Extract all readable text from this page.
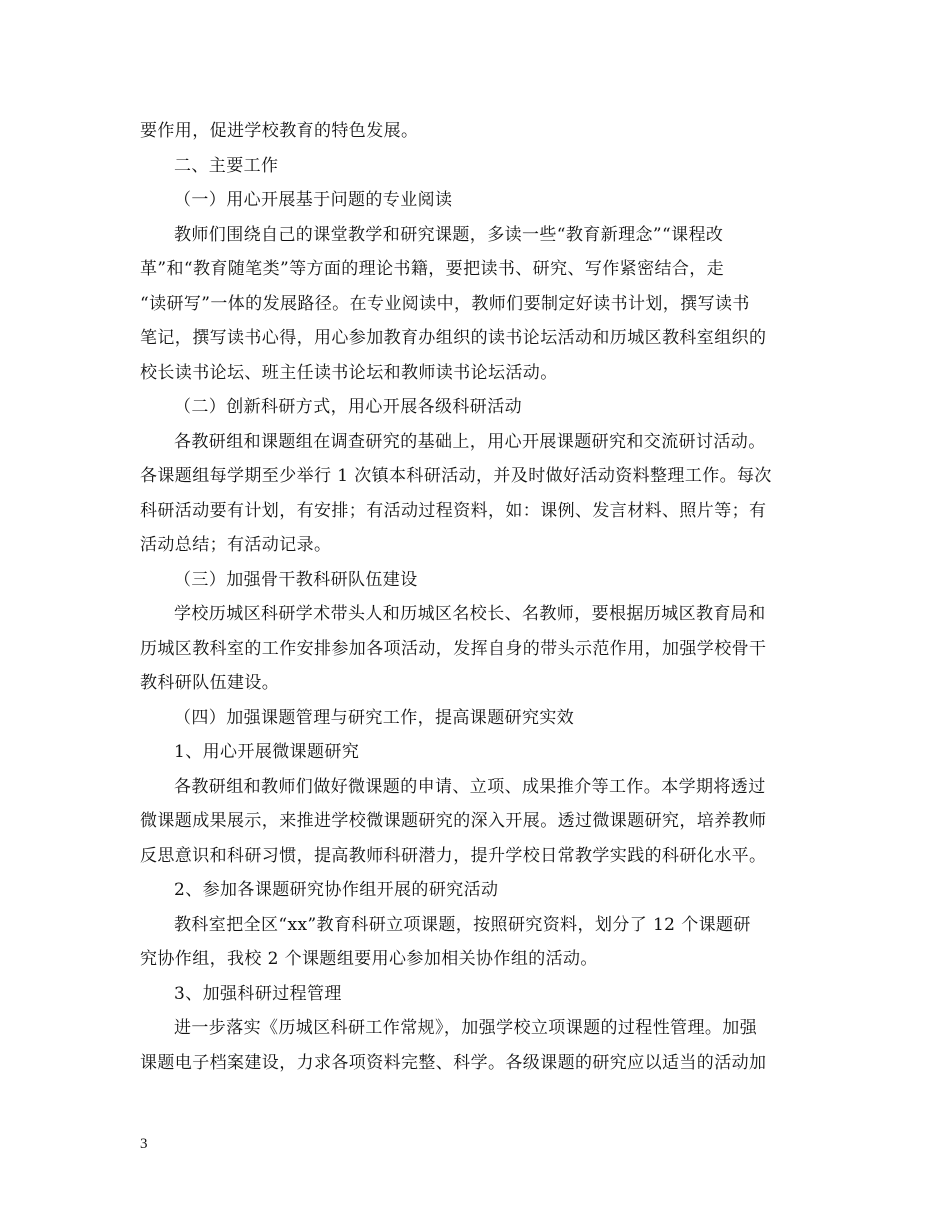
要作用，促进学校教育的特色发展。
二、主要工作
（一）用心开展基于问题的专业阅读
教师们围绕自己的课堂教学和研究课题，多读一些“教育新理念”“课程改
革”和“教育随笔类”等方面的理论书籍，要把读书、研究、写作紧密结合，走
“读研写”一体的发展路径。在专业阅读中，教师们要制定好读书计划，撰写读书
笔记，撰写读书心得，用心参加教育办组织的读书论坛活动和历城区教科室组织的
校长读书论坛、班主任读书论坛和教师读书论坛活动。
（二）创新科研方式，用心开展各级科研活动
各教研组和课题组在调查研究的基础上，用心开展课题研究和交流研讨活动。
各课题组每学期至少举行 1 次镇本科研活动，并及时做好活动资料整理工作。每次
科研活动要有计划，有安排；有活动过程资料，如：课例、发言材料、照片等；有
活动总结；有活动记录。
（三）加强骨干教科研队伍建设
学校历城区科研学术带头人和历城区名校长、名教师，要根据历城区教育局和
历城区教科室的工作安排参加各项活动，发挥自身的带头示范作用，加强学校骨干
教科研队伍建设。
（四）加强课题管理与研究工作，提高课题研究实效
1、用心开展微课题研究
各教研组和教师们做好微课题的申请、立项、成果推介等工作。本学期将透过
微课题成果展示，来推进学校微课题研究的深入开展。透过微课题研究，培养教师
反思意识和科研习惯，提高教师科研潜力，提升学校日常教学实践的科研化水平。
2、参加各课题研究协作组开展的研究活动
教科室把全区“xx”教育科研立项课题，按照研究资料，划分了 12 个课题研
究协作组，我校 2 个课题组要用心参加相关协作组的活动。
3、加强科研过程管理
进一步落实《历城区科研工作常规》，加强学校立项课题的过程性管理。加强
课题电子档案建设，力求各项资料完整、科学。各级课题的研究应以适当的活动加
3
